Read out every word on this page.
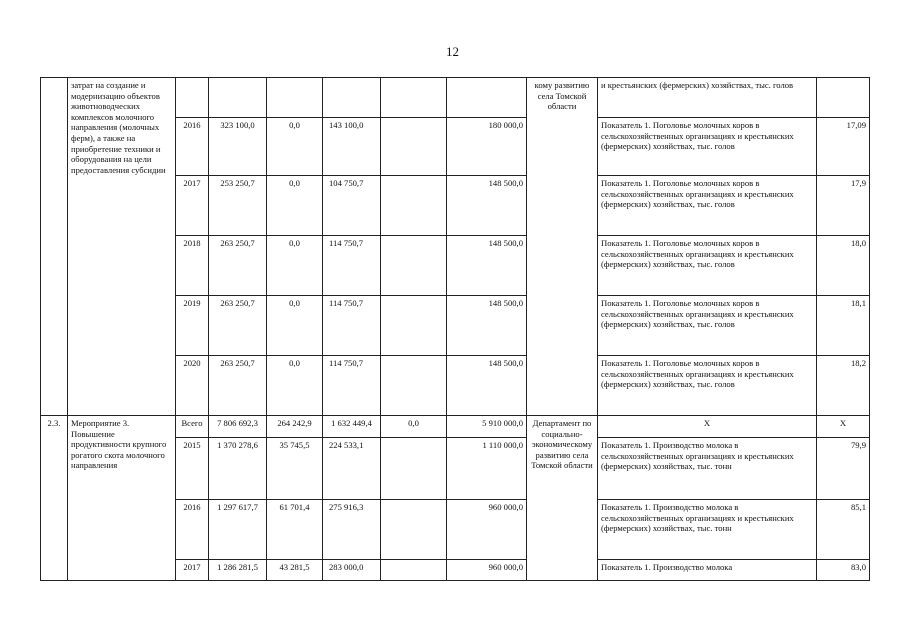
12
	затрат на создание и модернизацию объектов животноводческих комплексов молочного направления (молочных ферм), а также на приобретение техники и оборудования на цели предоставления субсидии							кому развитию села Томской области	и крестьянских (фермерских) хозяйствах, тыс. голов	
		2016	323 100,0	0,0	143 100,0		180 000,0		Показатель 1. Поголовье молочных коров в сельскохозяйственных организациях и крестьянских (фермерских) хозяйствах, тыс. голов	17,09
		2017	253 250,7	0,0	104 750,7		148 500,0		Показатель 1. Поголовье молочных коров в сельскохозяйственных организациях и крестьянских (фермерских) хозяйствах, тыс. голов	17,9
		2018	263 250,7	0,0	114 750,7		148 500,0		Показатель 1. Поголовье молочных коров в сельскохозяйственных организациях и крестьянских (фермерских) хозяйствах, тыс. голов	18,0
		2019	263 250,7	0,0	114 750,7		148 500,0		Показатель 1. Поголовье молочных коров в сельскохозяйственных организациях и крестьянских (фермерских) хозяйствах, тыс. голов	18,1
		2020	263 250,7	0,0	114 750,7		148 500,0		Показатель 1. Поголовье молочных коров в сельскохозяйственных организациях и крестьянских (фермерских) хозяйствах, тыс. голов	18,2
2.3.	Мероприятие 3. Повышение продуктивности крупного рогатого скота молочного направления	Всего	7 806 692,3	264 242,9	1 632 449,4	0,0	5 910 000,0	Департамент по социально-экономическому развитию села Томской области	Х	Х
		2015	1 370 278,6	35 745,5	224 533,1		1 110 000,0		Показатель 1. Производство молока в сельскохозяйственных организациях и крестьянских (фермерских) хозяйствах, тыс. тонн	79,9
		2016	1 297 617,7	61 701,4	275 916,3		960 000,0		Показатель 1. Производство молока в сельскохозяйственных организациях и крестьянских (фермерских) хозяйствах, тыс. тонн	85,1
		2017	1 286 281,5	43 281,5	283 000,0		960 000,0		Показатель 1. Производство молока	83,0
